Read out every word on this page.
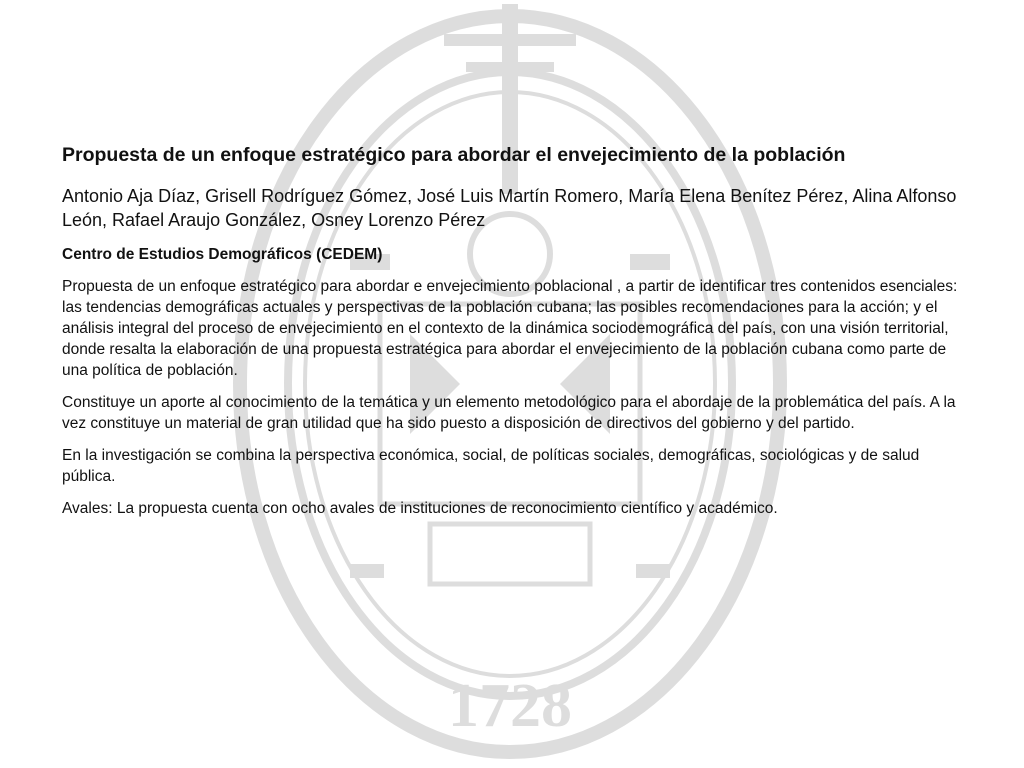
1728
Propuesta de un enfoque estratégico para abordar el envejecimiento de la población
Antonio Aja Díaz, Grisell Rodríguez Gómez, José Luis Martín Romero, María Elena Benítez Pérez, Alina Alfonso León, Rafael Araujo González, Osney Lorenzo Pérez
Centro de Estudios Demográficos (CEDEM)

Propuesta de un enfoque estratégico para abordar e envejecimiento poblacional , a partir de identificar tres contenidos esenciales: las tendencias demográficas actuales y perspectivas de la población cubana; las posibles recomendaciones para la acción; y el análisis integral del proceso de envejecimiento en el contexto de la dinámica sociodemográfica del país, con una visión territorial, donde resalta la elaboración de una propuesta estratégica para abordar el envejecimiento de la población cubana como parte de una política de población.

Constituye un aporte al conocimiento de la temática y un elemento metodológico para el abordaje de la problemática del país. A la vez constituye un material de gran utilidad que ha sido puesto a disposición de directivos del gobierno y del partido.

En la investigación se combina la perspectiva económica, social, de políticas sociales, demográficas, sociológicas y de salud pública.

Avales: La propuesta cuenta con ocho avales de instituciones de reconocimiento científico y académico.
